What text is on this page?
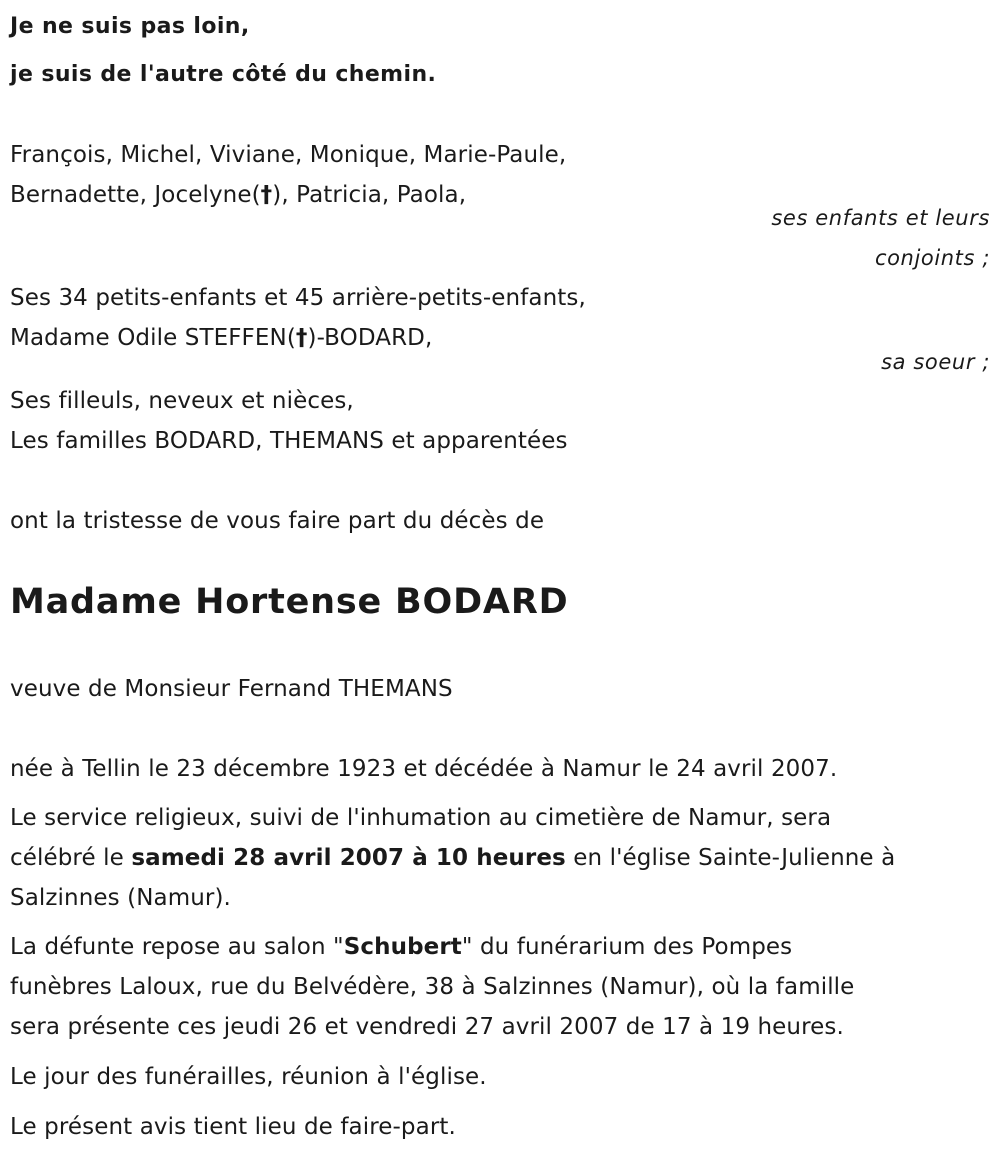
Je ne suis pas loin,
je suis de l'autre côté du chemin.
François, Michel, Viviane, Monique, Marie-Paule,
Bernadette, Jocelyne(†), Patricia, Paola,
ses enfants et leurs
conjoints ;
Ses 34 petits-enfants et 45 arrière-petits-enfants,
Madame Odile STEFFEN(†)-BODARD,
sa soeur ;
Ses filleuls, neveux et nièces,
Les familles BODARD, THEMANS et apparentées
ont la tristesse de vous faire part du décès de
Madame Hortense BODARD
veuve de Monsieur Fernand THEMANS
née à Tellin le 23 décembre 1923 et décédée à Namur le 24 avril 2007.
Le service religieux, suivi de l'inhumation au cimetière de Namur, sera
célébré le samedi 28 avril 2007 à 10 heures en l'église Sainte-Julienne à
Salzinnes (Namur).
La défunte repose au salon "Schubert" du funérarium des Pompes
funèbres Laloux, rue du Belvédère, 38 à Salzinnes (Namur), où la famille
sera présente ces jeudi 26 et vendredi 27 avril 2007 de 17 à 19 heures.
Le jour des funérailles, réunion à l'église.
Le présent avis tient lieu de faire-part.
